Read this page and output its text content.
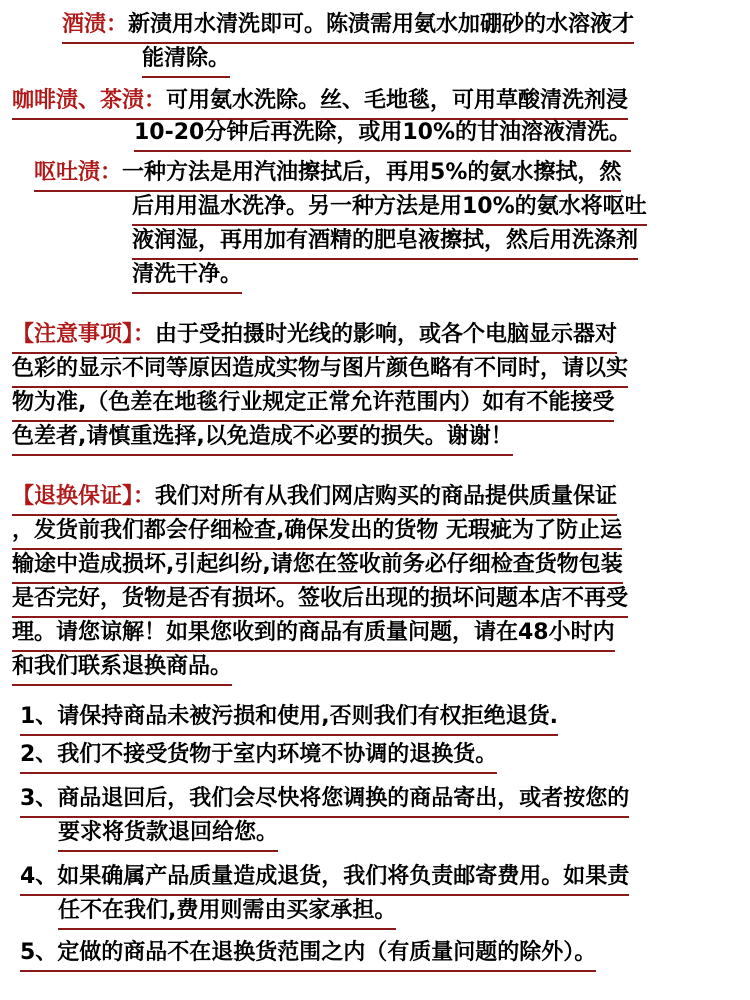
酒渍：新渍用水清洗即可。陈渍需用氨水加硼砂的水溶液才
能清除。
咖啡渍、茶渍：可用氨水洗除。丝、毛地毯，可用草酸清洗剂浸
10-20分钟后再洗除，或用10%的甘油溶液清洗。
呕吐渍：一种方法是用汽油擦拭后，再用5%的氨水擦拭，然
后用用温水洗净。另一种方法是用10%的氨水将呕吐
液润湿，再用加有酒精的肥皂液擦拭，然后用洗涤剂
清洗干净。
【注意事项】：由于受拍摄时光线的影响，或各个电脑显示器对
色彩的显示不同等原因造成实物与图片颜色略有不同时，请以实
物为准,（色差在地毯行业规定正常允许范围内）如有不能接受
色差者,请慎重选择,以免造成不必要的损失。谢谢！
【退换保证】：我们对所有从我们网店购买的商品提供质量保证
，发货前我们都会仔细检查,确保发出的货物 无瑕疵为了防止运
输途中造成损坏,引起纠纷,请您在签收前务必仔细检查货物包装
是否完好，货物是否有损坏。签收后出现的损坏问题本店不再受
理。请您谅解！如果您收到的商品有质量问题，请在48小时内
和我们联系退换商品。
1、请保持商品未被污损和使用,否则我们有权拒绝退货.
2、我们不接受货物于室内环境不协调的退换货。
3、商品退回后，我们会尽快将您调换的商品寄出，或者按您的
要求将货款退回给您。
4、如果确属产品质量造成退货，我们将负责邮寄费用。如果责
任不在我们,费用则需由买家承担。
5、定做的商品不在退换货范围之内（有质量问题的除外）。
